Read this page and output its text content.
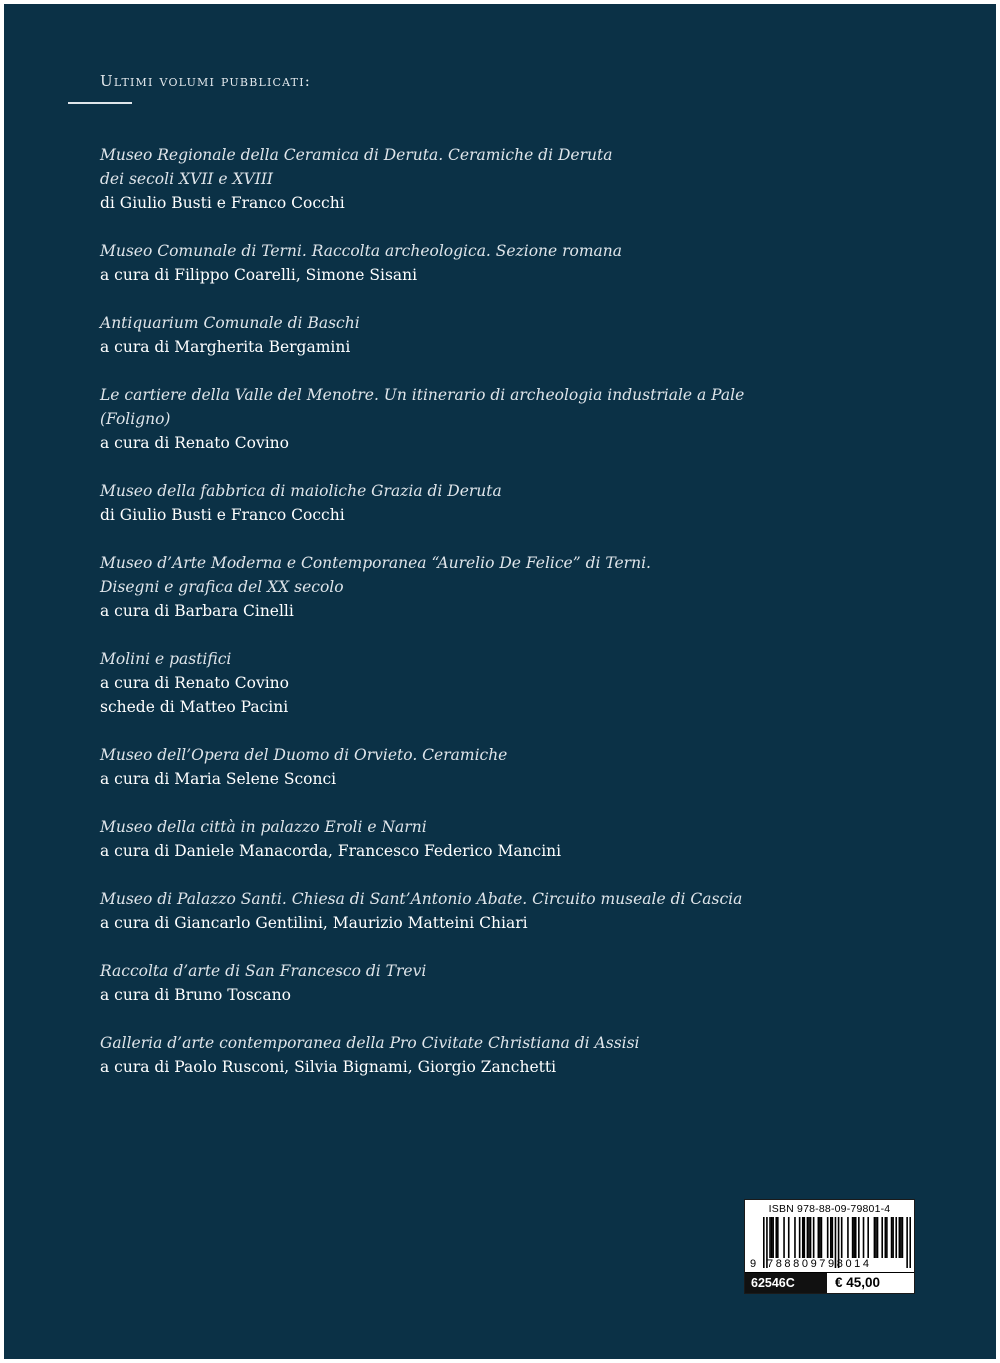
Ultimi volumi pubblicati:
Museo Regionale della Ceramica di Deruta. Ceramiche di Deruta
dei secoli XVII e XVIII
di Giulio Busti e Franco Cocchi
Museo Comunale di Terni. Raccolta archeologica. Sezione romana
a cura di Filippo Coarelli, Simone Sisani
Antiquarium Comunale di Baschi
a cura di Margherita Bergamini
Le cartiere della Valle del Menotre. Un itinerario di archeologia industriale a Pale (Foligno)
a cura di Renato Covino
Museo della fabbrica di maioliche Grazia di Deruta
di Giulio Busti e Franco Cocchi
Museo d’Arte Moderna e Contemporanea “Aurelio De Felice” di Terni.
Disegni e grafica del XX secolo
a cura di Barbara Cinelli
Molini e pastifici
a cura di Renato Covino
schede di Matteo Pacini
Museo dell’Opera del Duomo di Orvieto. Ceramiche
a cura di Maria Selene Sconci
Museo della città in palazzo Eroli e Narni
a cura di Daniele Manacorda, Francesco Federico Mancini
Museo di Palazzo Santi. Chiesa di Sant’Antonio Abate. Circuito museale di Cascia
a cura di Giancarlo Gentilini, Maurizio Matteini Chiari
Raccolta d’arte di San Francesco di Trevi
a cura di Bruno Toscano
Galleria d’arte contemporanea della Pro Civitate Christiana di Assisi
a cura di Paolo Rusconi, Silvia Bignami, Giorgio Zanchetti
ISBN 978-88-09-79801-4
9 788809798014
62546C	€ 45,00
